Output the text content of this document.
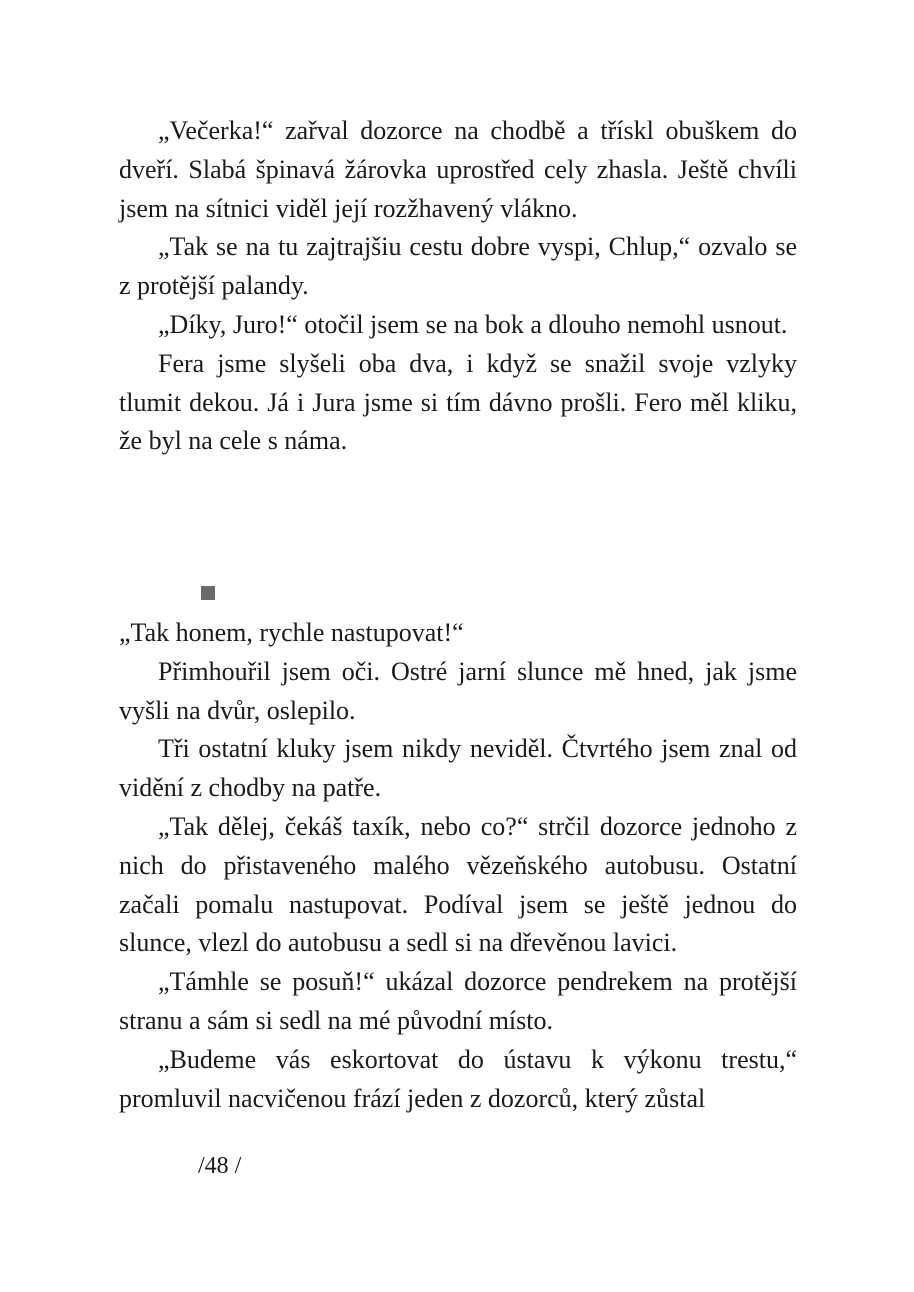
„Večerka!“ zařval dozorce na chodbě a třískl obuškem do dveří. Slabá špinavá žárovka uprostřed cely zhasla. Ještě chvíli jsem na sítnici viděl její rozžhavený vlákno.

„Tak se na tu zajtrajšiu cestu dobre vyspi, Chlup,“ ozvalo se z protější palandy.

„Díky, Juro!“ otočil jsem se na bok a dlouho nemohl usnout.

Fera jsme slyšeli oba dva, i když se snažil svoje vzlyky tlumit dekou. Já i Jura jsme si tím dávno prošli. Fero měl kliku, že byl na cele s náma.

„Tak honem, rychle nastupovat!“

Přimhouřil jsem oči. Ostré jarní slunce mě hned, jak jsme vyšli na dvůr, oslepilo.

Tři ostatní kluky jsem nikdy neviděl. Čtvrtého jsem znal od vidění z chodby na patře.

„Tak dělej, čekáš taxík, nebo co?“ strčil dozorce jednoho z nich do přistaveného malého vězeňského autobusu. Ostatní začali pomalu nastupovat. Podíval jsem se ještě jednou do slunce, vlezl do autobusu a sedl si na dřevěnou lavici.

„Támhle se posuň!“ ukázal dozorce pendrekem na protější stranu a sám si sedl na mé původní místo.

„Budeme vás eskortovat do ústavu k výkonu trestu,“ promluvil nacvičenou frází jeden z dozorců, který zůstal

/48 /
